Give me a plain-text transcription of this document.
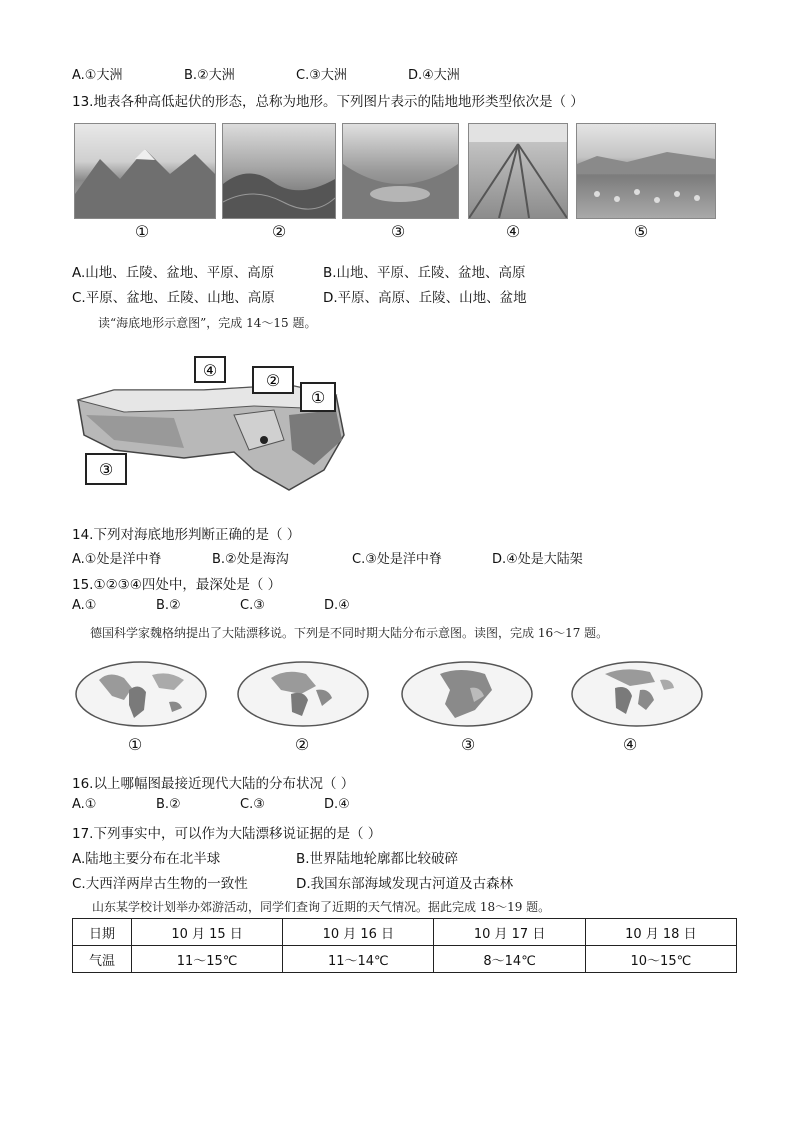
A.①大洲	B.②大洲	C.③大洲	D.④大洲
13.地表各种高低起伏的形态，总称为地形。下列图片表示的陆地地形类型依次是（ ）
①	②	③	④	⑤
A.山地、丘陵、盆地、平原、高原	B.山地、平原、丘陵、盆地、高原
C.平原、盆地、丘陵、山地、高原	D.平原、高原、丘陵、山地、盆地
读“海底地形示意图”，完成 14～15 题。
④
②
①
③
14.下列对海底地形判断正确的是（ ）
A.①处是洋中脊	B.②处是海沟	C.③处是洋中脊	D.④处是大陆架
15.①②③④四处中，最深处是（ ）
A.①	B.②	C.③	D.④
德国科学家魏格纳提出了大陆漂移说。下列是不同时期大陆分布示意图。读图，完成 16～17 题。
①	②	③	④
16.以上哪幅图最接近现代大陆的分布状况（ ）
A.①	B.②	C.③	D.④
17.下列事实中，可以作为大陆漂移说证据的是（ ）
A.陆地主要分布在北半球	B.世界陆地轮廓都比较破碎
C.大西洋两岸古生物的一致性	D.我国东部海域发现古河道及古森林
山东某学校计划举办郊游活动，同学们查询了近期的天气情况。据此完成 18～19 题。
日期	10 月 15 日	10 月 16 日	10 月 17 日	10 月 18 日
气温	11～15℃	11～14℃	8～14℃	10～15℃
